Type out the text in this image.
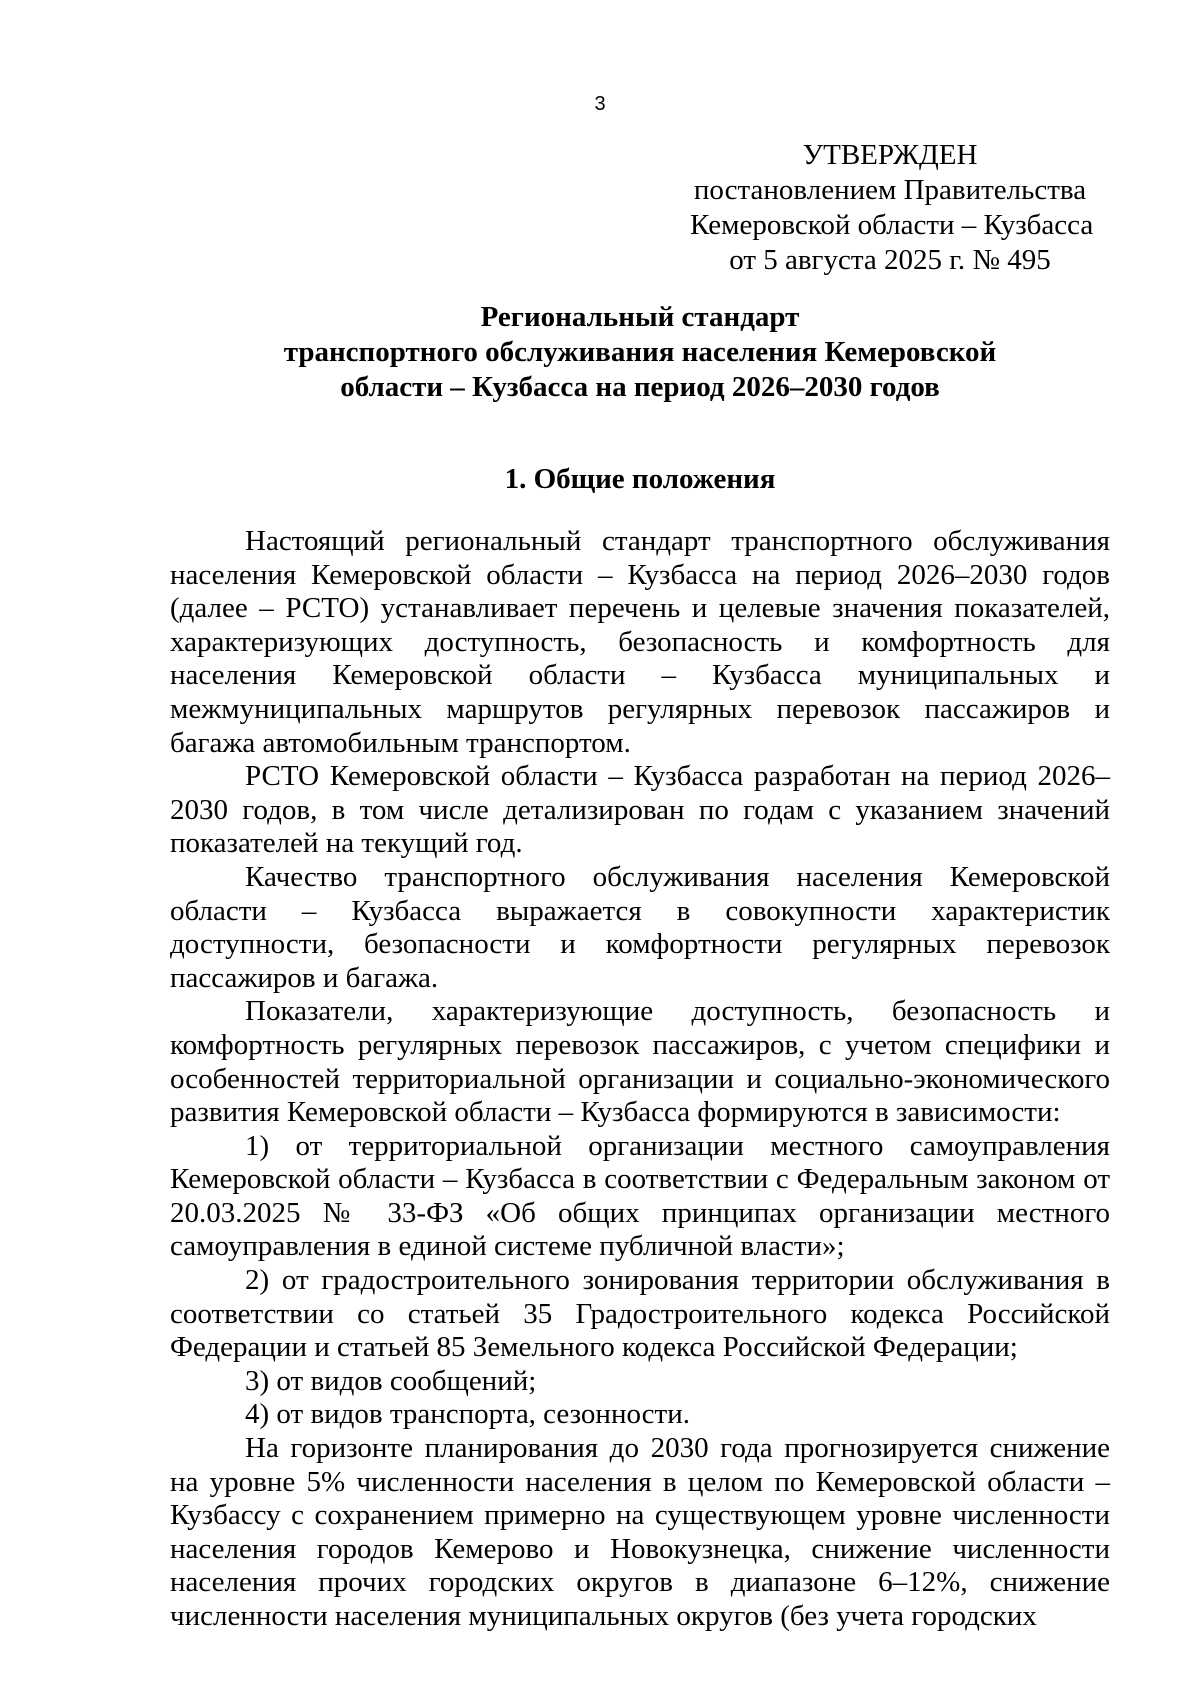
3
УТВЕРЖДЕН
постановлением Правительства
Кемеровской области – Кузбасса
от 5 августа 2025 г. № 495
Региональный стандарт
транспортного обслуживания населения Кемеровской
области – Кузбасса на период 2026–2030 годов
1. Общие положения

Настоящий региональный стандарт транспортного обслуживания населения Кемеровской области – Кузбасса на период 2026–2030 годов (далее – РСТО) устанавливает перечень и целевые значения показателей, характеризующих доступность, безопасность и комфортность для населения Кемеровской области – Кузбасса муниципальных и межмуниципальных маршрутов регулярных перевозок пассажиров и багажа автомобильным транспортом.

РСТО Кемеровской области – Кузбасса разработан на период 2026–2030 годов, в том числе детализирован по годам с указанием значений показателей на текущий год.

Качество транспортного обслуживания населения Кемеровской области – Кузбасса выражается в совокупности характеристик доступности, безопасности и комфортности регулярных перевозок пассажиров и багажа.

Показатели, характеризующие доступность, безопасность и комфортность регулярных перевозок пассажиров, с учетом специфики и особенностей территориальной организации и социально-экономического развития Кемеровской области – Кузбасса формируются в зависимости:

1) от территориальной организации местного самоуправления Кемеровской области – Кузбасса в соответствии с Федеральным законом от 20.03.2025 № 33-ФЗ «Об общих принципах организации местного самоуправления в единой системе публичной власти»;

2) от градостроительного зонирования территории обслуживания в соответствии со статьей 35 Градостроительного кодекса Российской Федерации и статьей 85 Земельного кодекса Российской Федерации;

3) от видов сообщений;

4) от видов транспорта, сезонности.

На горизонте планирования до 2030 года прогнозируется снижение на уровне 5% численности населения в целом по Кемеровской области – Кузбассу с сохранением примерно на существующем уровне численности населения городов Кемерово и Новокузнецка, снижение численности населения прочих городских округов в диапазоне 6–12%, снижение численности населения муниципальных округов (без учета городских
